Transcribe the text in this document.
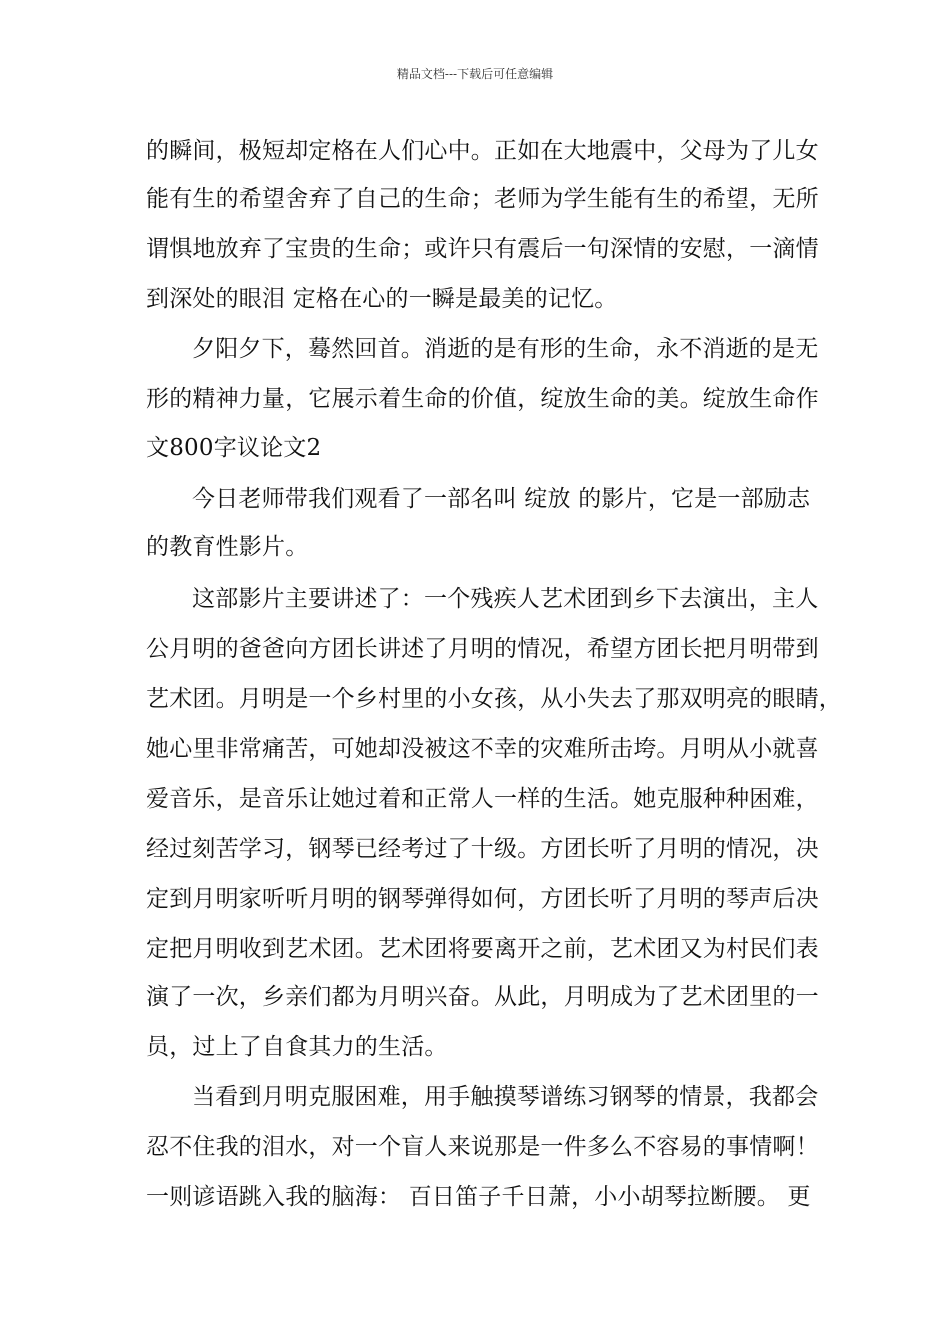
精品文档---下载后可任意编辑
的瞬间，极短却定格在人们心中。正如在大地震中，父母为了儿女
能有生的希望舍弃了自己的生命；老师为学生能有生的希望，无所
谓惧地放弃了宝贵的生命；或许只有震后一句深情的安慰，一滴情
到深处的眼泪 定格在心的一瞬是最美的记忆。
夕阳夕下，蓦然回首。消逝的是有形的生命，永不消逝的是无
形的精神力量，它展示着生命的价值，绽放生命的美。绽放生命作
文800字议论文2
今日老师带我们观看了一部名叫 绽放 的影片，它是一部励志
的教育性影片。
这部影片主要讲述了：一个残疾人艺术团到乡下去演出，主人
公月明的爸爸向方团长讲述了月明的情况，希望方团长把月明带到
艺术团。月明是一个乡村里的小女孩，从小失去了那双明亮的眼睛，
她心里非常痛苦，可她却没被这不幸的灾难所击垮。月明从小就喜
爱音乐，是音乐让她过着和正常人一样的生活。她克服种种困难，
经过刻苦学习，钢琴已经考过了十级。方团长听了月明的情况，决
定到月明家听听月明的钢琴弹得如何，方团长听了月明的琴声后决
定把月明收到艺术团。艺术团将要离开之前，艺术团又为村民们表
演了一次，乡亲们都为月明兴奋。从此，月明成为了艺术团里的一
员，过上了自食其力的生活。
当看到月明克服困难，用手触摸琴谱练习钢琴的情景，我都会
忍不住我的泪水，对一个盲人来说那是一件多么不容易的事情啊！
一则谚语跳入我的脑海： 百日笛子千日萧，小小胡琴拉断腰。 更
